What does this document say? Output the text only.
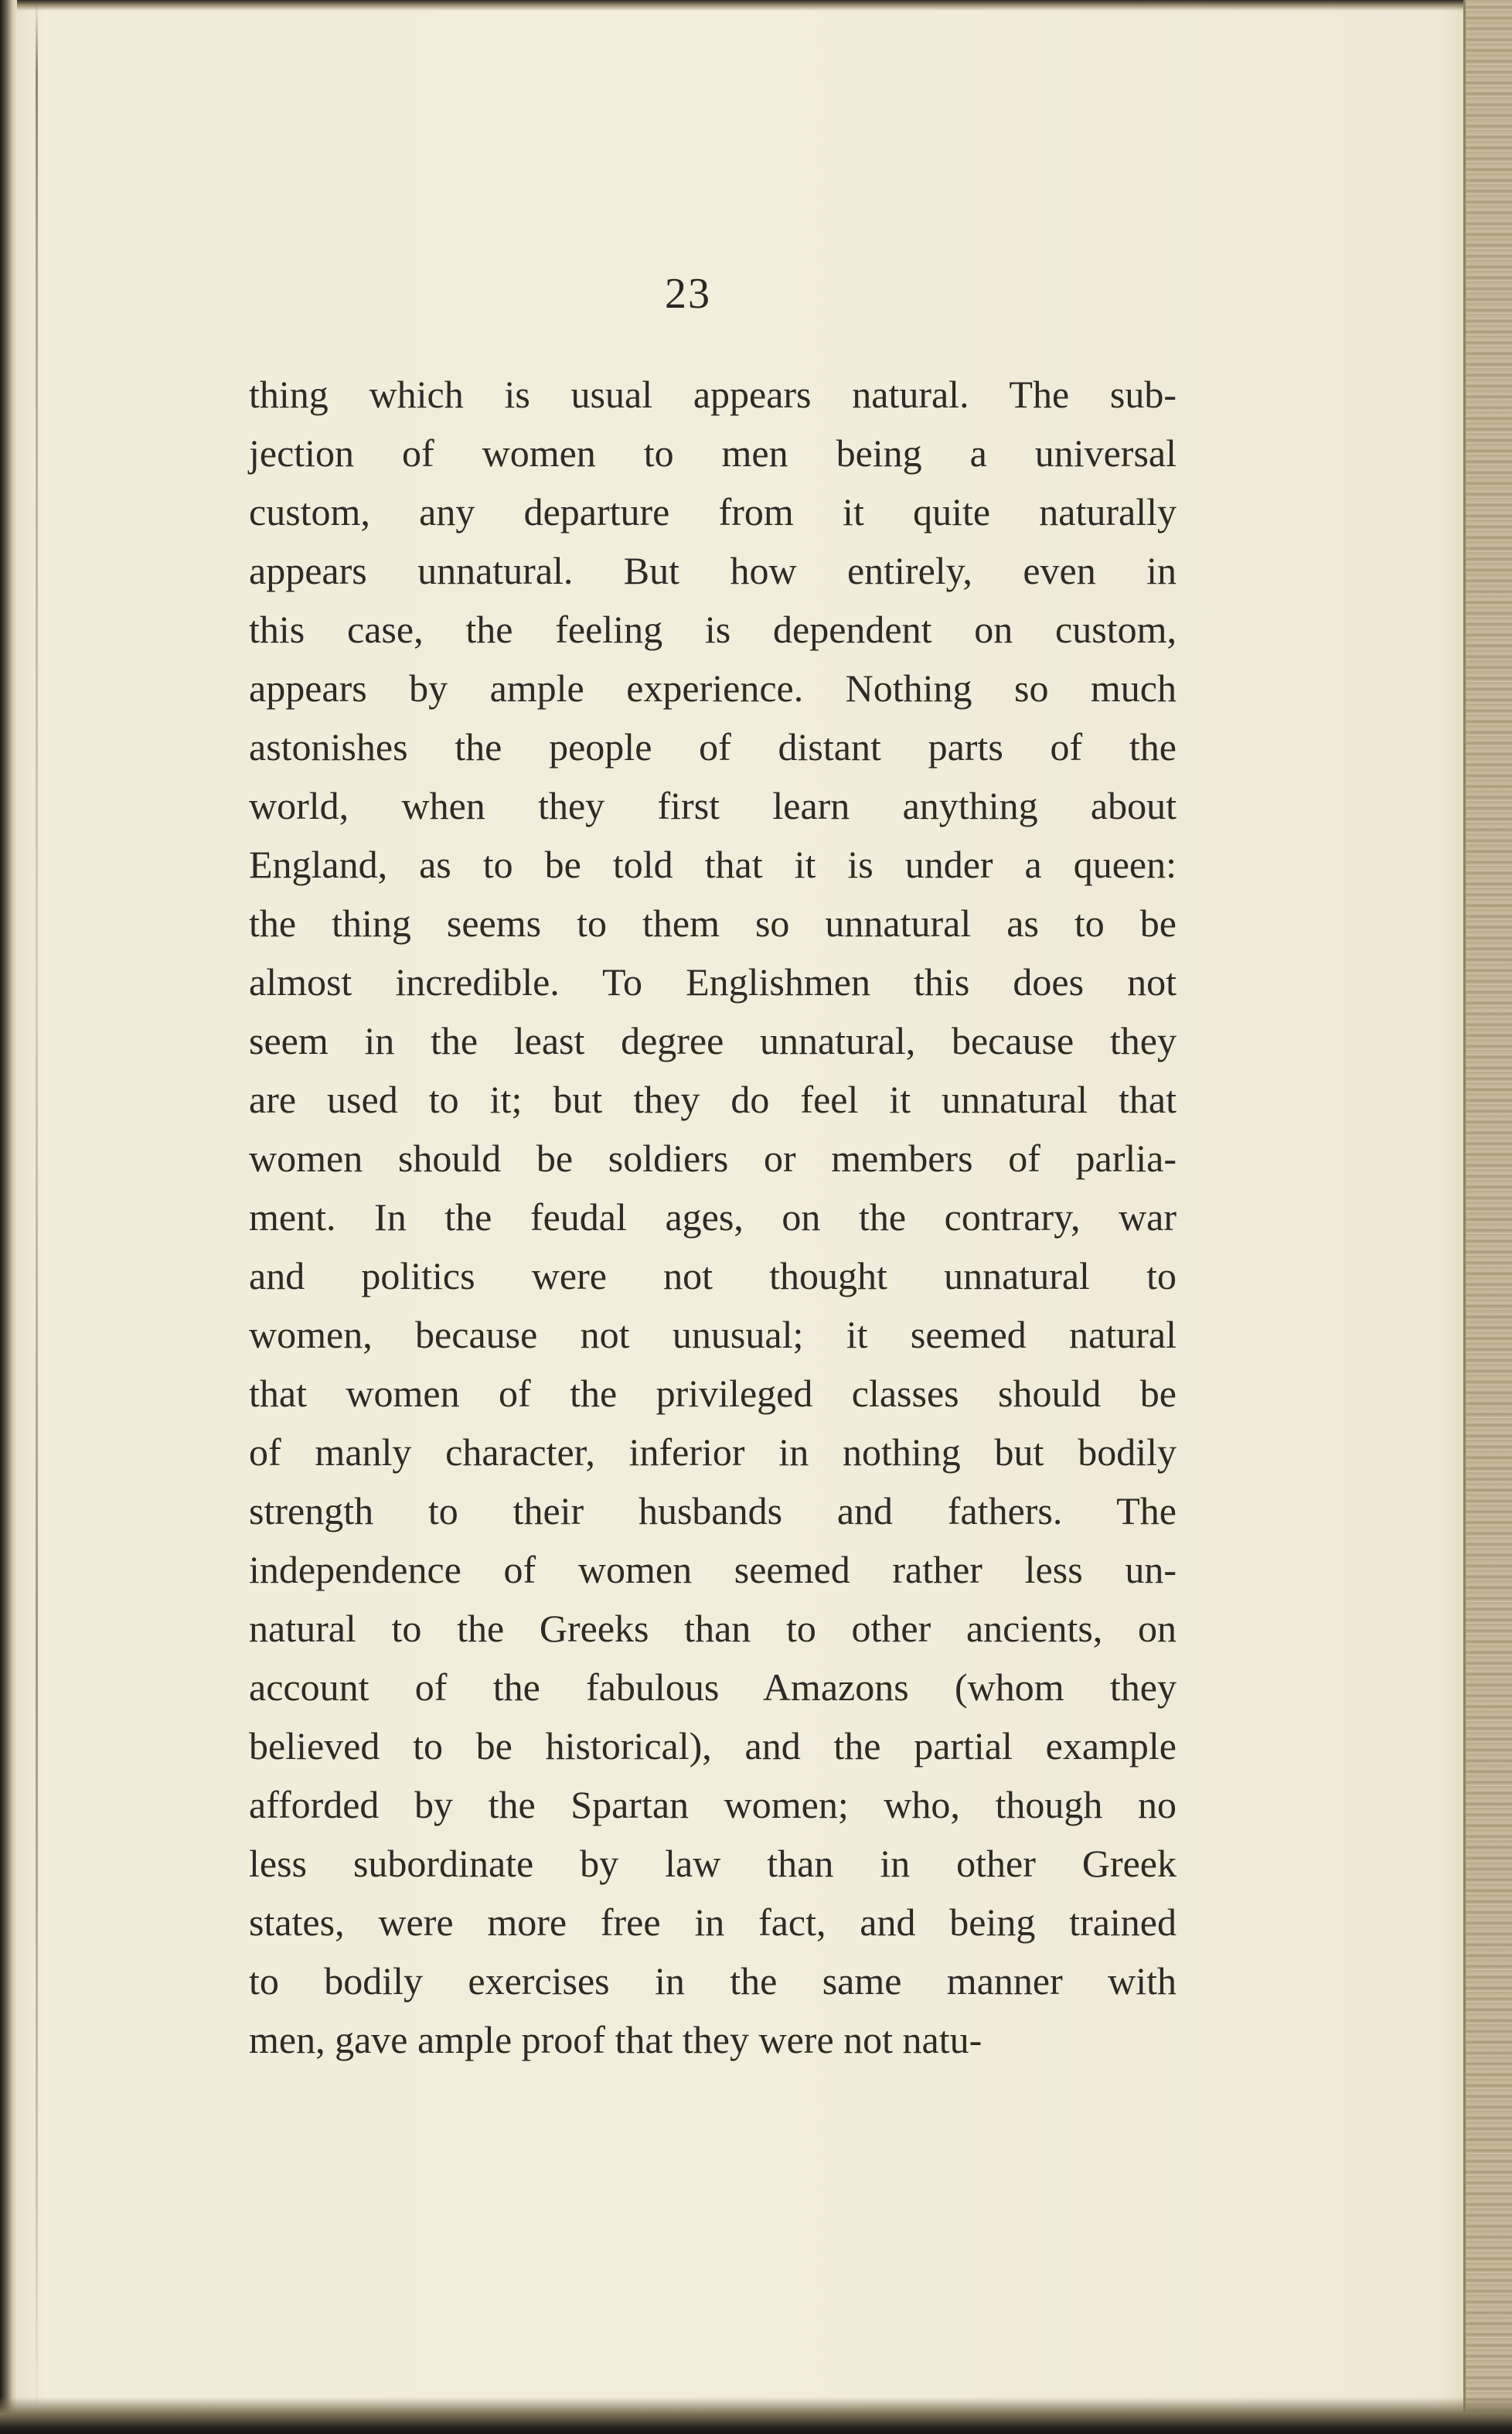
23
thing which is usual appears natural. The sub-
jection of women to men being a universal
custom, any departure from it quite naturally
appears unnatural. But how entirely, even in
this case, the feeling is dependent on custom,
appears by ample experience. Nothing so much
astonishes the people of distant parts of the
world, when they first learn anything about
England, as to be told that it is under a queen:
the thing seems to them so unnatural as to be
almost incredible. To Englishmen this does not
seem in the least degree unnatural, because they
are used to it; but they do feel it unnatural that
women should be soldiers or members of parlia-
ment. In the feudal ages, on the contrary, war
and politics were not thought unnatural to
women, because not unusual; it seemed natural
that women of the privileged classes should be
of manly character, inferior in nothing but bodily
strength to their husbands and fathers. The
independence of women seemed rather less un-
natural to the Greeks than to other ancients, on
account of the fabulous Amazons (whom they
believed to be historical), and the partial example
afforded by the Spartan women; who, though no
less subordinate by law than in other Greek
states, were more free in fact, and being trained
to bodily exercises in the same manner with
men, gave ample proof that they were not natu-
